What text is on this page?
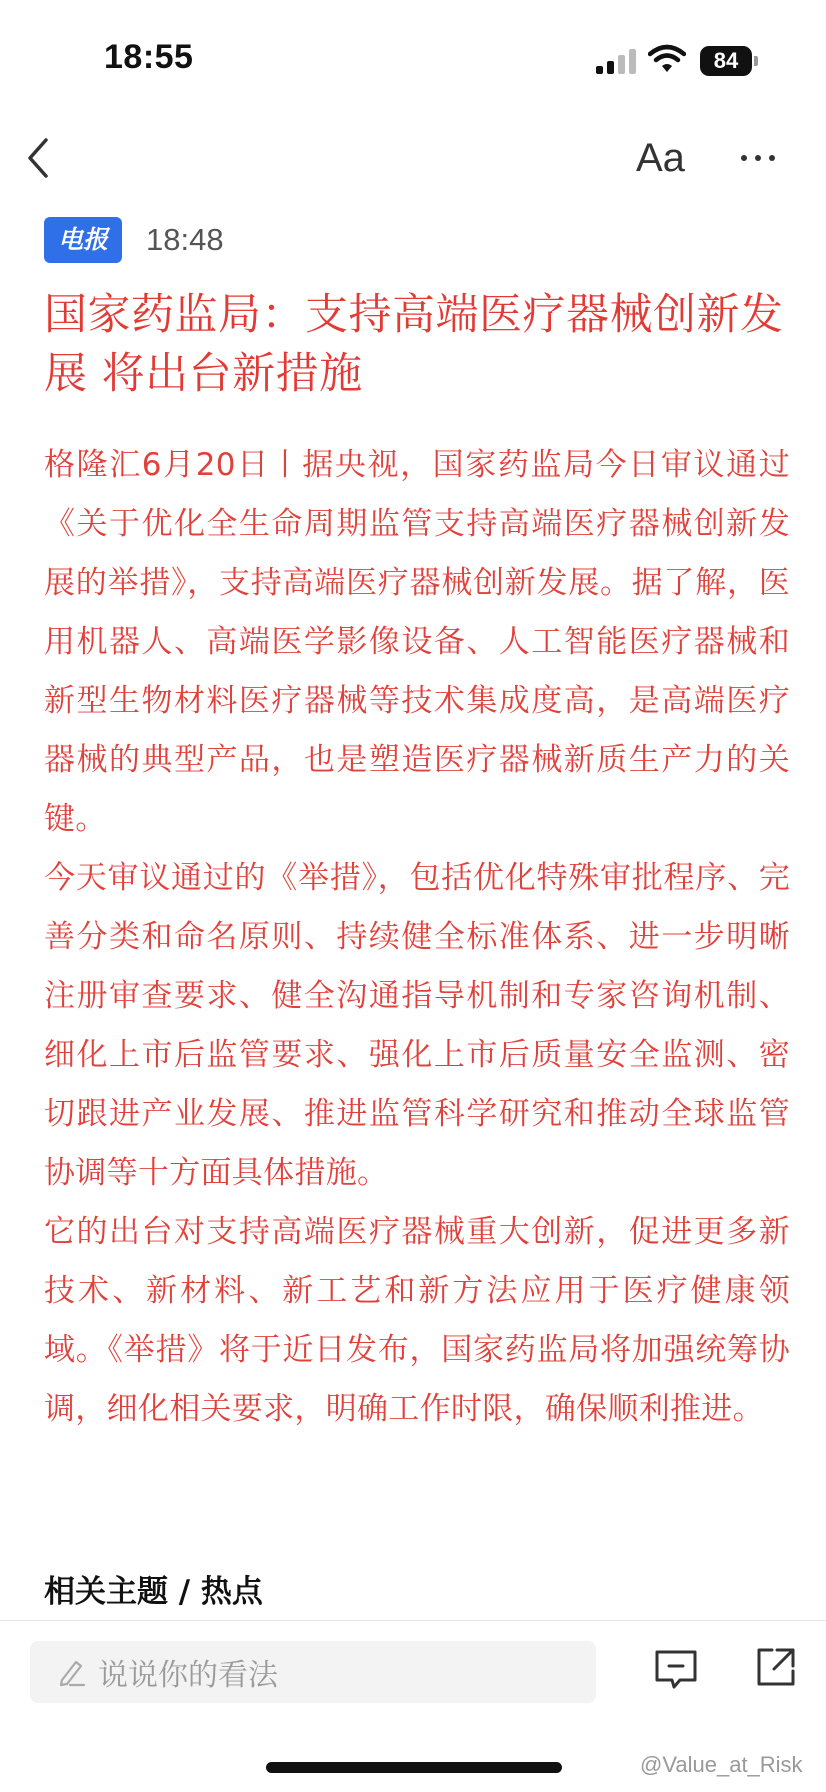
18:55	84
Aa
电报	18:48
国家药监局：支持高端医疗器械创新发展 将出台新措施

格隆汇6月20日丨据央视，国家药监局今日审议通过《关于优化全生命周期监管支持高端医疗器械创新发展的举措》，支持高端医疗器械创新发展。据了解，医用机器人、高端医学影像设备、人工智能医疗器械和新型生物材料医疗器械等技术集成度高，是高端医疗器械的典型产品，也是塑造医疗器械新质生产力的关键。

今天审议通过的《举措》，包括优化特殊审批程序、完善分类和命名原则、持续健全标准体系、进一步明晰注册审查要求、健全沟通指导机制和专家咨询机制、细化上市后监管要求、强化上市后质量安全监测、密切跟进产业发展、推进监管科学研究和推动全球监管协调等十方面具体措施。

它的出台对支持高端医疗器械重大创新，促进更多新技术、新材料、新工艺和新方法应用于医疗健康领域。《举措》将于近日发布，国家药监局将加强统筹协调，细化相关要求，明确工作时限，确保顺利推进。

相关主题 / 热点
说说你的看法
@Value_at_Risk
